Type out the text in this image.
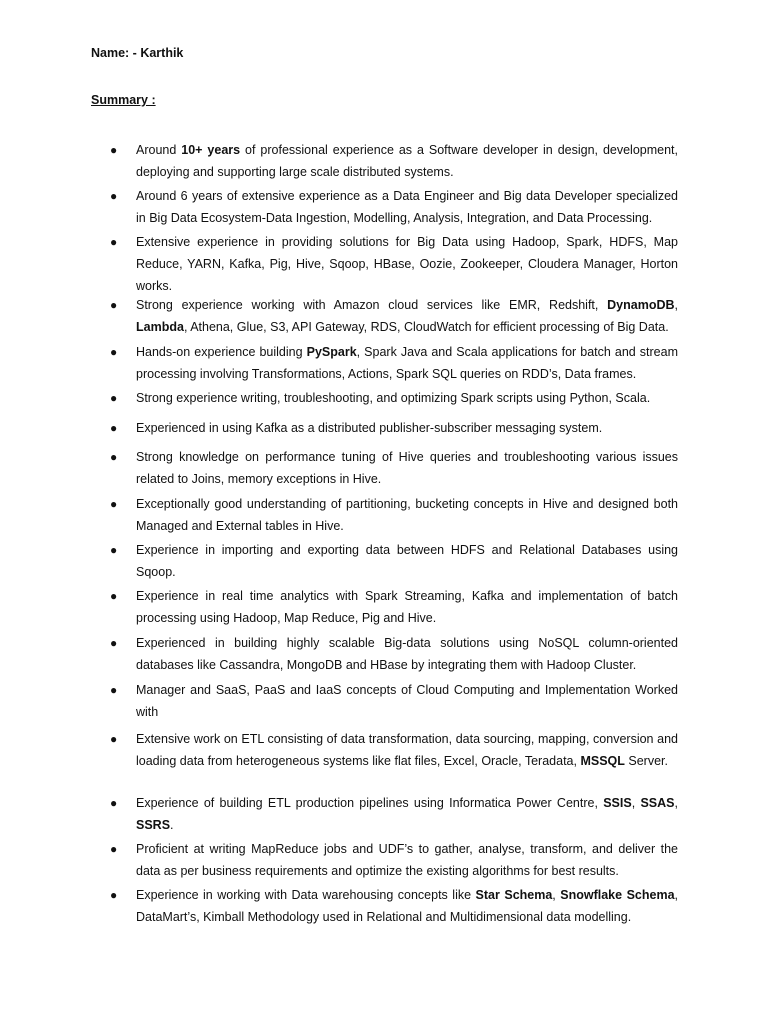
Name: - Karthik
Summary :
●	Around 10+ years of professional experience as a Software developer in design, development, deploying and supporting large scale distributed systems.
●	Around 6 years of extensive experience as a Data Engineer and Big data Developer specialized in Big Data Ecosystem-Data Ingestion, Modelling, Analysis, Integration, and Data Processing.
●	Extensive experience in providing solutions for Big Data using Hadoop, Spark, HDFS, Map Reduce, YARN, Kafka, Pig, Hive, Sqoop, HBase, Oozie, Zookeeper, Cloudera Manager, Horton works.
●	Strong experience working with Amazon cloud services like EMR, Redshift, DynamoDB, Lambda, Athena, Glue, S3, API Gateway, RDS, CloudWatch for efficient processing of Big Data.
●	Hands-on experience building PySpark, Spark Java and Scala applications for batch and stream processing involving Transformations, Actions, Spark SQL queries on RDD’s, Data frames.
●	Strong experience writing, troubleshooting, and optimizing Spark scripts using Python, Scala.
●	Experienced in using Kafka as a distributed publisher-subscriber messaging system.
●	Strong knowledge on performance tuning of Hive queries and troubleshooting various issues related to Joins, memory exceptions in Hive.
●	Exceptionally good understanding of partitioning, bucketing concepts in Hive and designed both Managed and External tables in Hive.
●	Experience in importing and exporting data between HDFS and Relational Databases using Sqoop.
●	Experience in real time analytics with Spark Streaming, Kafka and implementation of batch processing using Hadoop, Map Reduce, Pig and Hive.
●	Experienced in building highly scalable Big-data solutions using NoSQL column-oriented databases like Cassandra, MongoDB and HBase by integrating them with Hadoop Cluster.
●	Manager and SaaS, PaaS and IaaS concepts of Cloud Computing and Implementation Worked with
●	Extensive work on ETL consisting of data transformation, data sourcing, mapping, conversion and loading data from heterogeneous systems like flat files, Excel, Oracle, Teradata, MSSQL Server.
●	Experience of building ETL production pipelines using Informatica Power Centre, SSIS, SSAS, SSRS.
●	Proficient at writing MapReduce jobs and UDF’s to gather, analyse, transform, and deliver the data as per business requirements and optimize the existing algorithms for best results.
●	Experience in working with Data warehousing concepts like Star Schema, Snowflake Schema, DataMart’s, Kimball Methodology used in Relational and Multidimensional data modelling.
